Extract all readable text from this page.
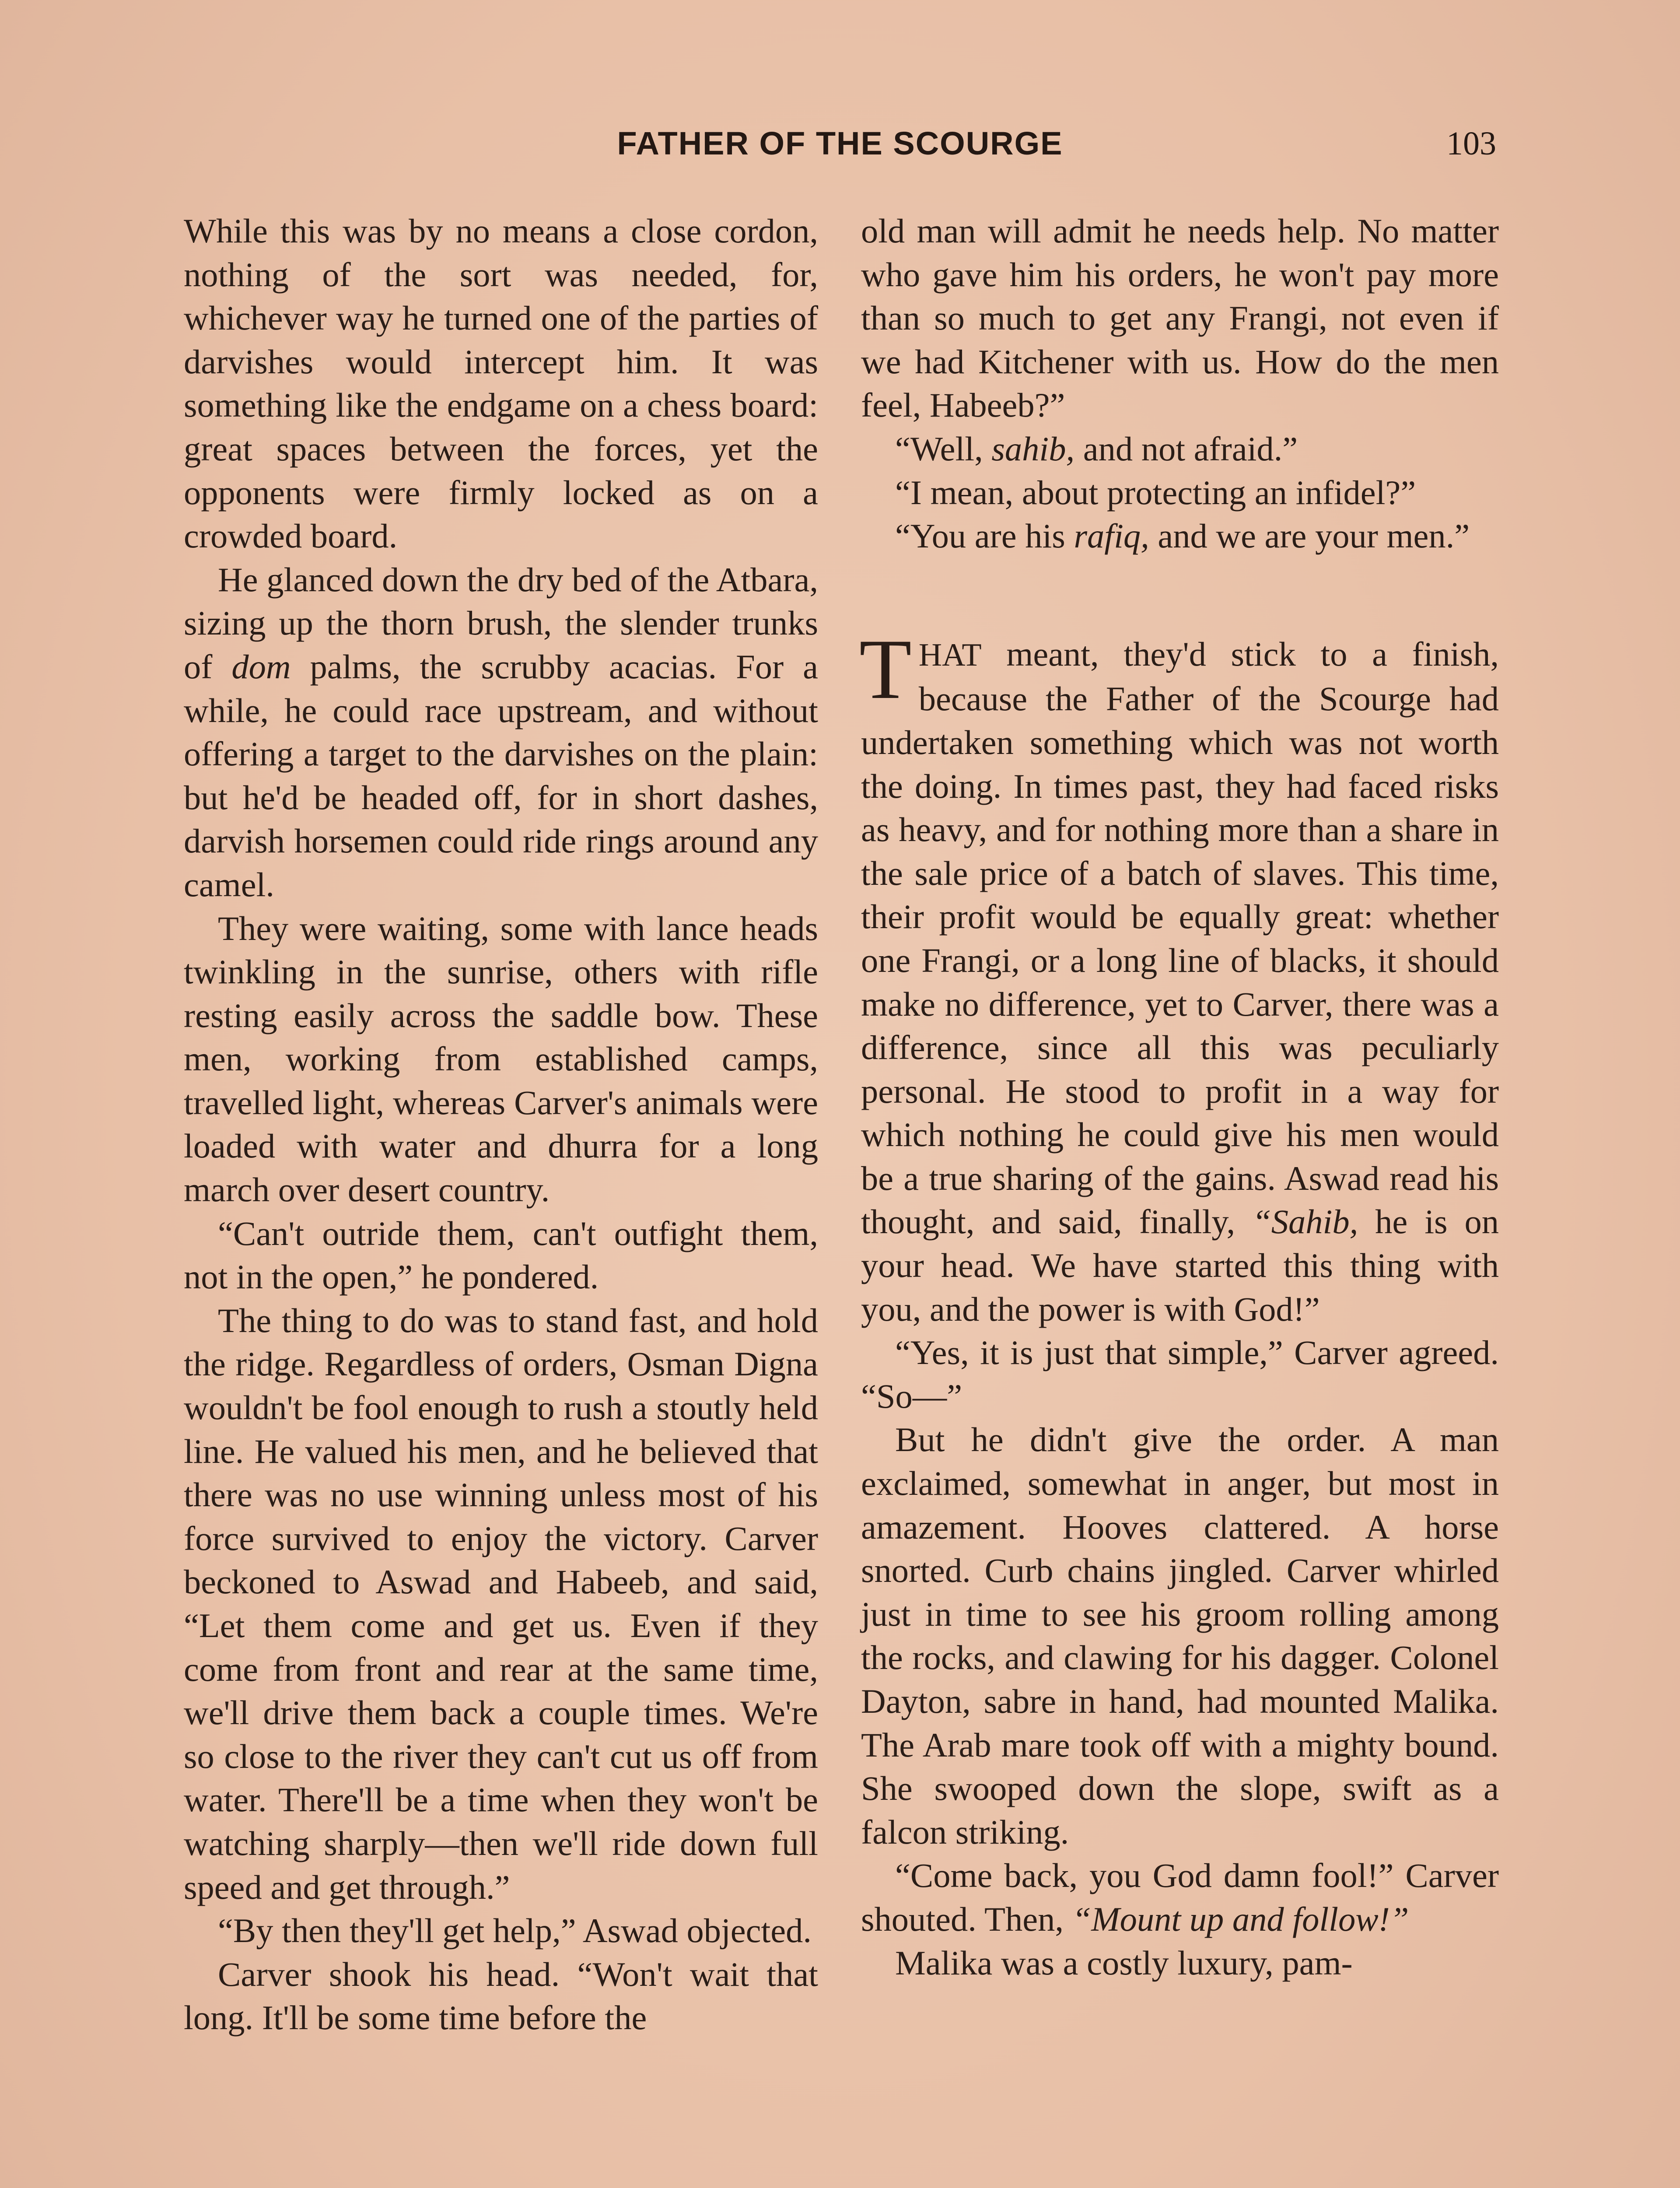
FATHER OF THE SCOURGE	103

While this was by no means a close cordon, nothing of the sort was needed, for, whichever way he turned one of the parties of darvishes would intercept him. It was something like the endgame on a chess board: great spaces between the forces, yet the opponents were firmly locked as on a crowded board.

He glanced down the dry bed of the Atbara, sizing up the thorn brush, the slender trunks of dom palms, the scrubby acacias. For a while, he could race upstream, and without offering a target to the darvishes on the plain: but he'd be headed off, for in short dashes, darvish horsemen could ride rings around any camel.

They were waiting, some with lance heads twinkling in the sunrise, others with rifle resting easily across the saddle bow. These men, working from established camps, travelled light, whereas Carver's animals were loaded with water and dhurra for a long march over desert country.

“Can't outride them, can't outfight them, not in the open,” he pondered.

The thing to do was to stand fast, and hold the ridge. Regardless of orders, Osman Digna wouldn't be fool enough to rush a stoutly held line. He valued his men, and he believed that there was no use winning unless most of his force survived to enjoy the victory. Carver beckoned to Aswad and Habeeb, and said, “Let them come and get us. Even if they come from front and rear at the same time, we'll drive them back a couple times. We're so close to the river they can't cut us off from water. There'll be a time when they won't be watching sharply—then we'll ride down full speed and get through.”

“By then they'll get help,” Aswad objected.

Carver shook his head. “Won't wait that long. It'll be some time before the

old man will admit he needs help. No matter who gave him his orders, he won't pay more than so much to get any Frangi, not even if we had Kitchener with us. How do the men feel, Habeeb?”

“Well, sahib, and not afraid.”

“I mean, about protecting an infidel?”

“You are his rafiq, and we are your men.”

THAT meant, they'd stick to a finish, because the Father of the Scourge had undertaken something which was not worth the doing. In times past, they had faced risks as heavy, and for nothing more than a share in the sale price of a batch of slaves. This time, their profit would be equally great: whether one Frangi, or a long line of blacks, it should make no difference, yet to Carver, there was a difference, since all this was peculiarly personal. He stood to profit in a way for which nothing he could give his men would be a true sharing of the gains. Aswad read his thought, and said, finally, “Sahib, he is on your head. We have started this thing with you, and the power is with God!”

“Yes, it is just that simple,” Carver agreed. “So—”

But he didn't give the order. A man exclaimed, somewhat in anger, but most in amazement. Hooves clattered. A horse snorted. Curb chains jingled. Carver whirled just in time to see his groom rolling among the rocks, and clawing for his dagger. Colonel Dayton, sabre in hand, had mounted Malika. The Arab mare took off with a mighty bound. She swooped down the slope, swift as a falcon striking.

“Come back, you God damn fool!” Carver shouted. Then, “Mount up and follow!”

Malika was a costly luxury, pam-
